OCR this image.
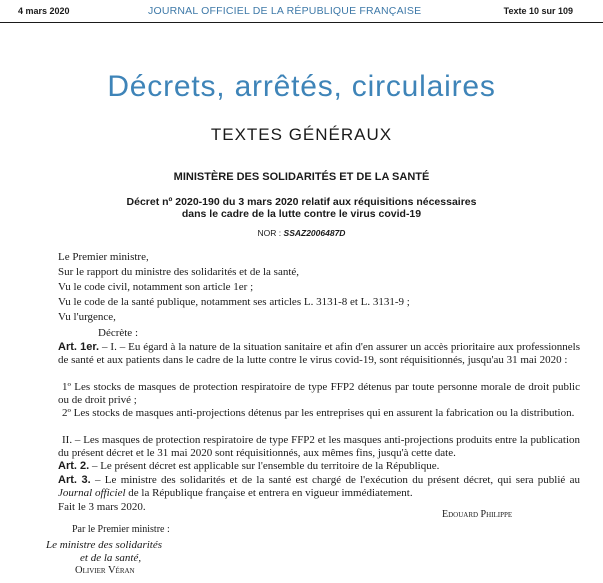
4 mars 2020	JOURNAL OFFICIEL DE LA RÉPUBLIQUE FRANÇAISE	Texte 10 sur 109
Décrets, arrêtés, circulaires
TEXTES GÉNÉRAUX
MINISTÈRE DES SOLIDARITÉS ET DE LA SANTÉ
Décret nº 2020-190 du 3 mars 2020 relatif aux réquisitions nécessaires
dans le cadre de la lutte contre le virus covid-19
NOR : SSAZ2006487D
Le Premier ministre,
Sur le rapport du ministre des solidarités et de la santé,
Vu le code civil, notamment son article 1er ;
Vu le code de la santé publique, notamment ses articles L. 3131-8 et L. 3131-9 ;
Vu l'urgence,
Décrète :
Art. 1er. – I. – Eu égard à la nature de la situation sanitaire et afin d'en assurer un accès prioritaire aux professionnels de santé et aux patients dans le cadre de la lutte contre le virus covid-19, sont réquisitionnés, jusqu'au 31 mai 2020 :
1º Les stocks de masques de protection respiratoire de type FFP2 détenus par toute personne morale de droit public ou de droit privé ;
2º Les stocks de masques anti-projections détenus par les entreprises qui en assurent la fabrication ou la distribution.
II. – Les masques de protection respiratoire de type FFP2 et les masques anti-projections produits entre la publication du présent décret et le 31 mai 2020 sont réquisitionnés, aux mêmes fins, jusqu'à cette date.
Art. 2. – Le présent décret est applicable sur l'ensemble du territoire de la République.
Art. 3. – Le ministre des solidarités et de la santé est chargé de l'exécution du présent décret, qui sera publié au Journal officiel de la République française et entrera en vigueur immédiatement.
Fait le 3 mars 2020.
Edouard Philippe
Par le Premier ministre :
Le ministre des solidarités
et de la santé,
Olivier Véran
